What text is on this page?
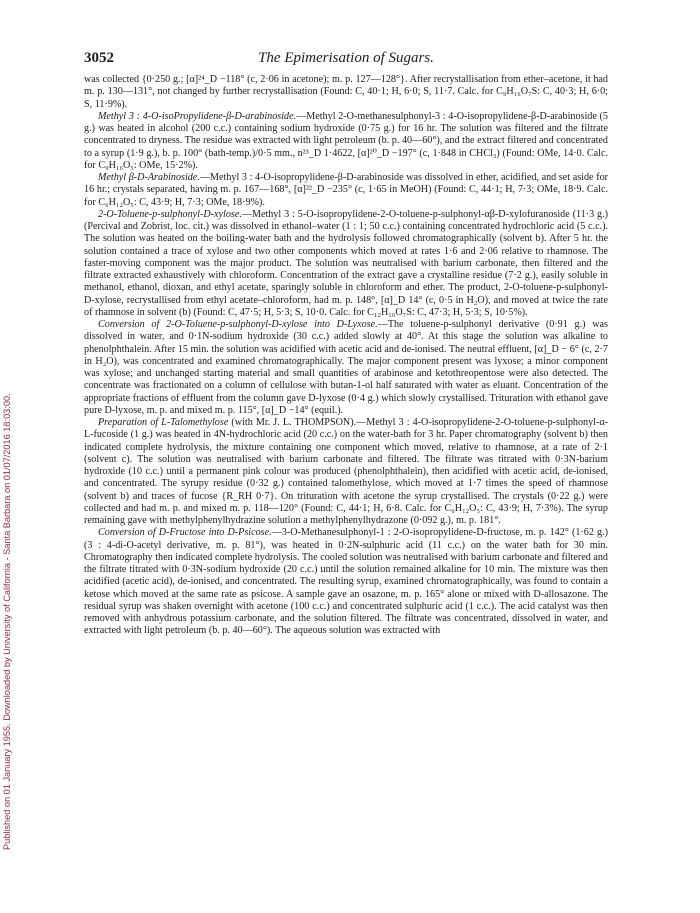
Published on 01 January 1955. Downloaded by University of California - Santa Barbara on 01/07/2016 18:03:00.
3052	The Epimerisation of Sugars.

was collected {0·250 g.; [α]²⁴_D −118° (c, 2·06 in acetone); m. p. 127—128°}. After recrystallisation from ether–acetone, it had m. p. 130—131°, not changed by further recrystallisation (Found: C, 40·1; H, 6·0; S, 11·7. Calc. for C₉H₁₆O₇S: C, 40·3; H, 6·0; S, 11·9%).

Methyl 3 : 4-O-isoPropylidene-β-D-arabinoside.—Methyl 2-O-methanesulphonyl-3 : 4-O-isopropylidene-β-D-arabinoside (5 g.) was heated in alcohol (200 c.c.) containing sodium hydroxide (0·75 g.) for 16 hr. The solution was filtered and the filtrate concentrated to dryness. The residue was extracted with light petroleum (b. p. 40—60°), and the extract filtered and concentrated to a syrup (1·9 g.), b. p. 100° (bath-temp.)/0·5 mm., n²³_D 1·4622, [α]²⁰_D −197° (c, 1·848 in CHCl₃) (Found: OMe, 14·0. Calc. for C₉H₁₆O₅: OMe, 15·2%).

Methyl β-D-Arabinoside.—Methyl 3 : 4-O-isopropylidene-β-D-arabinoside was dissolved in ether, acidified, and set aside for 16 hr.; crystals separated, having m. p. 167—168°, [α]²²_D −235° (c, 1·65 in MeOH) (Found: C, 44·1; H, 7·3; OMe, 18·9. Calc. for C₆H₁₂O₅: C, 43·9; H, 7·3; OMe, 18·9%).

2-O-Toluene-p-sulphonyl-D-xylose.—Methyl 3 : 5-O-isopropylidene-2-O-toluene-p-sulphonyl-αβ-D-xylofuranoside (11·3 g.) (Percival and Zobrist, loc. cit.) was dissolved in ethanol–water (1 : 1; 50 c.c.) containing concentrated hydrochloric acid (5 c.c.). The solution was heated on the boiling-water bath and the hydrolysis followed chromatographically (solvent b). After 5 hr. the solution contained a trace of xylose and two other components which moved at rates 1·6 and 2·06 relative to rhamnose. The faster-moving component was the major product. The solution was neutralised with barium carbonate, then filtered and the filtrate extracted exhaustively with chloroform. Concentration of the extract gave a crystalline residue (7·2 g.), easily soluble in methanol, ethanol, dioxan, and ethyl acetate, sparingly soluble in chloroform and ether. The product, 2-O-toluene-p-sulphonyl-D-xylose, recrystallised from ethyl acetate–chloroform, had m. p. 148°, [α]_D 14° (c, 0·5 in H₂O), and moved at twice the rate of rhamnose in solvent (b) (Found: C, 47·5; H, 5·3; S, 10·0. Calc. for C₁₂H₁₆O₇S: C, 47·3; H, 5·3; S, 10·5%).

Conversion of 2-O-Toluene-p-sulphonyl-D-xylose into D-Lyxose.—The toluene-p-sulphonyl derivative (0·91 g.) was dissolved in water, and 0·1N-sodium hydroxide (30 c.c.) added slowly at 40°. At this stage the solution was alkaline to phenolphthalein. After 15 min. the solution was acidified with acetic acid and de-ionised. The neutral effluent, [α]_D − 6° (c, 2·7 in H₂O), was concentrated and examined chromatographically. The major component present was lyxose; a minor component was xylose; and unchanged starting material and small quantities of arabinose and ketothreopentose were also detected. The concentrate was fractionated on a column of cellulose with butan-1-ol half saturated with water as eluant. Concentration of the appropriate fractions of effluent from the column gave D-lyxose (0·4 g.) which slowly crystallised. Trituration with ethanol gave pure D-lyxose, m. p. and mixed m. p. 115°, [α]_D −14° (equil.).

Preparation of L-Talomethylose (with Mr. J. L. THOMPSON).—Methyl 3 : 4-O-isopropylidene-2-O-toluene-p-sulphonyl-α-L-fucoside (1 g.) was heated in 4N-hydrochloric acid (20 c.c.) on the water-bath for 3 hr. Paper chromatography (solvent b) then indicated complete hydrolysis, the mixture containing one component which moved, relative to rhamnose, at a rate of 2·1 (solvent c). The solution was neutralised with barium carbonate and filtered. The filtrate was titrated with 0·3N-barium hydroxide (10 c.c.) until a permanent pink colour was produced (phenolphthalein), then acidified with acetic acid, de-ionised, and concentrated. The syrupy residue (0·32 g.) contained talomethylose, which moved at 1·7 times the speed of rhamnose (solvent b) and traces of fucose {R_RH 0·7}. On trituration with acetone the syrup crystallised. The crystals (0·22 g.) were collected and had m. p. and mixed m. p. 118—120° (Found: C, 44·1; H, 6·8. Calc. for C₆H₁₂O₅: C, 43·9; H, 7·3%). The syrup remaining gave with methylphenylhydrazine solution a methylphenylhydrazone (0·092 g.), m. p. 181°.

Conversion of D-Fructose into D-Psicose.—3-O-Methanesulphonyl-1 : 2-O-isopropylidene-D-fructose, m. p. 142° (1·62 g.) (3 : 4-di-O-acetyl derivative, m. p. 81°), was heated in 0·2N-sulphuric acid (11 c.c.) on the water bath for 30 min. Chromatography then indicated complete hydrolysis. The cooled solution was neutralised with barium carbonate and filtered and the filtrate titrated with 0·3N-sodium hydroxide (20 c.c.) until the solution remained alkaline for 10 min. The mixture was then acidified (acetic acid), de-ionised, and concentrated. The resulting syrup, examined chromatographically, was found to contain a ketose which moved at the same rate as psicose. A sample gave an osazone, m. p. 165° alone or mixed with D-allosazone. The residual syrup was shaken overnight with acetone (100 c.c.) and concentrated sulphuric acid (1 c.c.). The acid catalyst was then removed with anhydrous potassium carbonate, and the solution filtered. The filtrate was concentrated, dissolved in water, and extracted with light petroleum (b. p. 40—60°). The aqueous solution was extracted with
